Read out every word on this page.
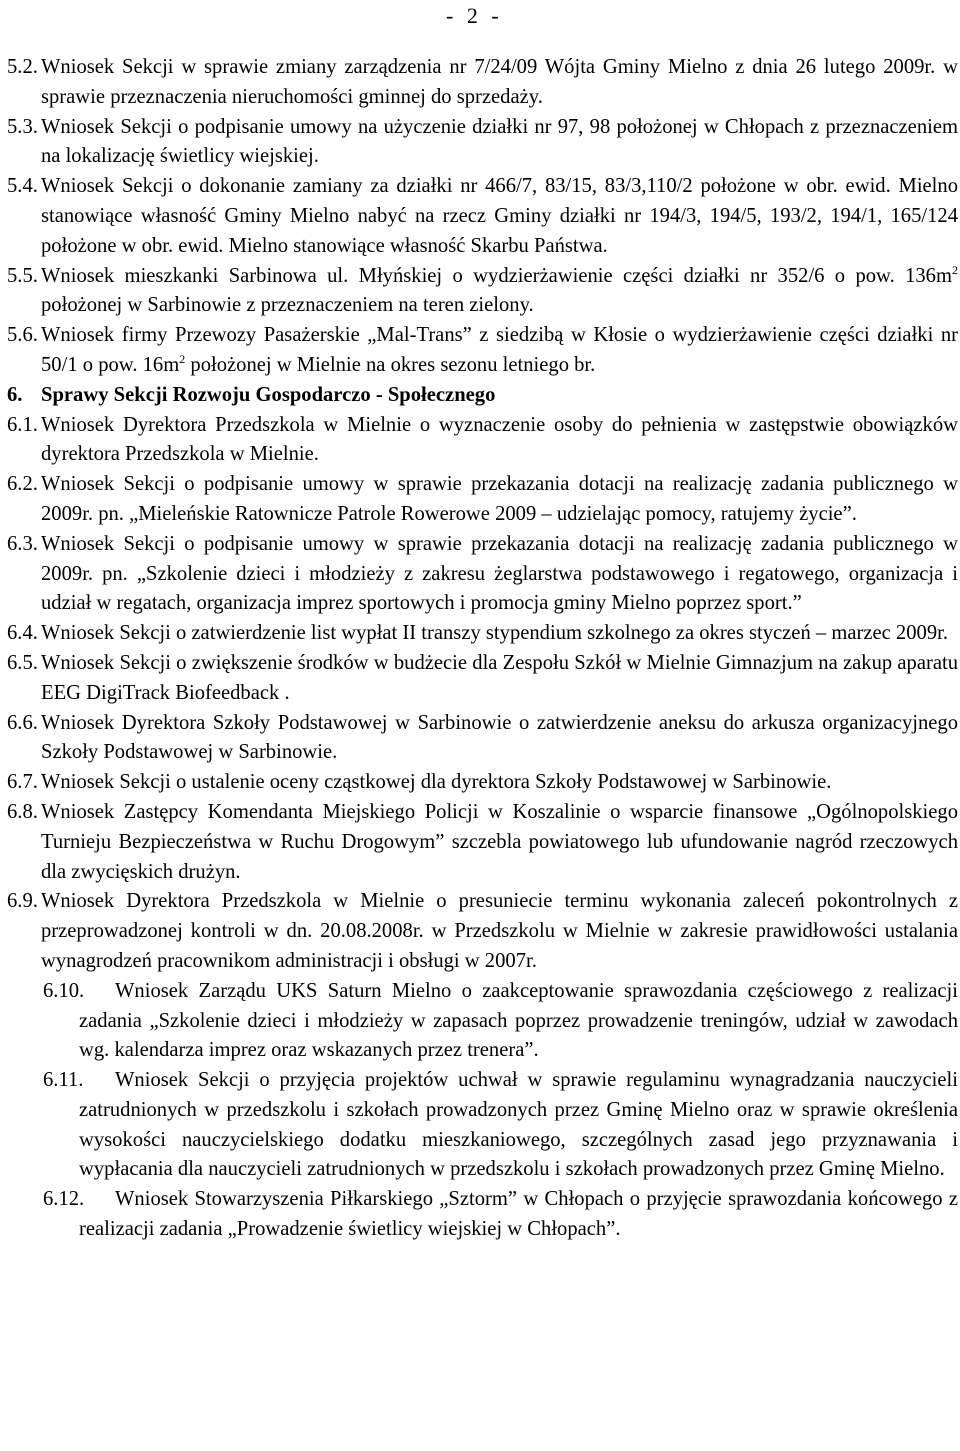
- 2 -

5.2. Wniosek Sekcji w sprawie zmiany zarządzenia nr 7/24/09 Wójta Gminy Mielno z dnia 26 lutego 2009r. w sprawie przeznaczenia nieruchomości gminnej do sprzedaży.

5.3. Wniosek Sekcji o podpisanie umowy na użyczenie działki nr 97, 98 położonej w Chłopach z przeznaczeniem na lokalizację świetlicy wiejskiej.

5.4. Wniosek Sekcji o dokonanie zamiany za działki nr 466/7, 83/15, 83/3,110/2 położone w obr. ewid. Mielno stanowiące własność Gminy Mielno nabyć na rzecz Gminy działki nr 194/3, 194/5, 193/2, 194/1, 165/124 położone w obr. ewid. Mielno stanowiące własność Skarbu Państwa.

5.5. Wniosek mieszkanki Sarbinowa ul. Młyńskiej o wydzierżawienie części działki nr 352/6 o pow. $136m^2$ położonej w Sarbinowie z przeznaczeniem na teren zielony.

5.6. Wniosek firmy Przewozy Pasażerskie „Mal-Trans” z siedzibą w Kłosie o wydzierżawienie części działki nr 50/1 o pow. $16m^2$ położonej w Mielnie na okres sezonu letniego br.

6. Sprawy Sekcji Rozwoju Gospodarczo - Społecznego

6.1. Wniosek Dyrektora Przedszkola w Mielnie o wyznaczenie osoby do pełnienia w zastępstwie obowiązków dyrektora Przedszkola w Mielnie.

6.2. Wniosek Sekcji o podpisanie umowy w sprawie przekazania dotacji na realizację zadania publicznego w 2009r. pn. „Mieleńskie Ratownicze Patrole Rowerowe 2009 – udzielając pomocy, ratujemy życie”.

6.3. Wniosek Sekcji o podpisanie umowy w sprawie przekazania dotacji na realizację zadania publicznego w 2009r. pn. „Szkolenie dzieci i młodzieży z zakresu żeglarstwa podstawowego i regatowego, organizacja i udział w regatach, organizacja imprez sportowych i promocja gminy Mielno poprzez sport.”

6.4. Wniosek Sekcji o zatwierdzenie list wypłat II transzy stypendium szkolnego za okres styczeń – marzec 2009r.

6.5. Wniosek Sekcji o zwiększenie środków w budżecie dla Zespołu Szkół w Mielnie Gimnazjum na zakup aparatu EEG DigiTrack Biofeedback .

6.6. Wniosek Dyrektora Szkoły Podstawowej w Sarbinowie o zatwierdzenie aneksu do arkusza organizacyjnego Szkoły Podstawowej w Sarbinowie.

6.7. Wniosek Sekcji o ustalenie oceny cząstkowej dla dyrektora Szkoły Podstawowej w Sarbinowie.

6.8. Wniosek Zastępcy Komendanta Miejskiego Policji w Koszalinie o wsparcie finansowe „Ogólnopolskiego Turnieju Bezpieczeństwa w Ruchu Drogowym” szczebla powiatowego lub ufundowanie nagród rzeczowych dla zwycięskich drużyn.

6.9. Wniosek Dyrektora Przedszkola w Mielnie o presuniecie terminu wykonania zaleceń pokontrolnych z przeprowadzonej kontroli w dn. 20.08.2008r. w Przedszkolu w Mielnie w zakresie prawidłowości ustalania wynagrodzeń pracownikom administracji i obsługi w 2007r.

6.10. Wniosek Zarządu UKS Saturn Mielno o zaakceptowanie sprawozdania częściowego z realizacji zadania „Szkolenie dzieci i młodzieży w zapasach poprzez prowadzenie treningów, udział w zawodach wg. kalendarza imprez oraz wskazanych przez trenera”.

6.11. Wniosek Sekcji o przyjęcia projektów uchwał w sprawie regulaminu wynagradzania nauczycieli zatrudnionych w przedszkolu i szkołach prowadzonych przez Gminę Mielno oraz w sprawie określenia wysokości nauczycielskiego dodatku mieszkaniowego, szczególnych zasad jego przyznawania i wypłacania dla nauczycieli zatrudnionych w przedszkolu i szkołach prowadzonych przez Gminę Mielno.

6.12. Wniosek Stowarzyszenia Piłkarskiego „Sztorm” w Chłopach o przyjęcie sprawozdania końcowego z realizacji zadania „Prowadzenie świetlicy wiejskiej w Chłopach”.
